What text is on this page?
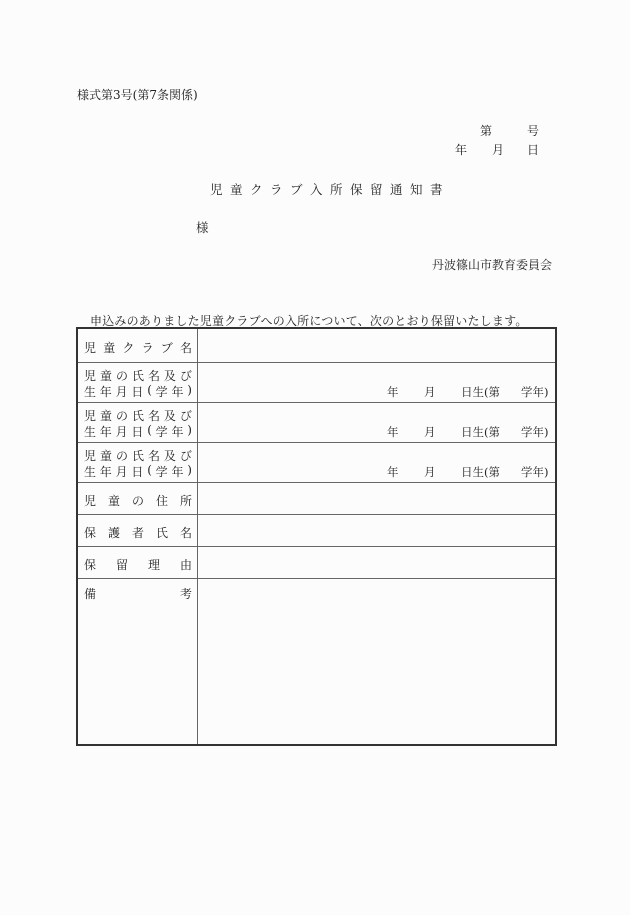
様式第3号(第7条関係)
第	号
年 月 日
児童クラブ入所保留通知書
様
丹波篠山市教育委員会
申込みのありました児童クラブへの入所について、次のとおり保留いたします。
児 童 ク ラ ブ 名
児 童 の 氏 名 及 び
生 年 月 日 ( 学 年 )	年 月 日生(第 学年)
児 童 の 氏 名 及 び
生 年 月 日 ( 学 年 )	年 月 日生(第 学年)
児 童 の 氏 名 及 び
生 年 月 日 ( 学 年 )	年 月 日生(第 学年)
児 童 の 住 所
保 護 者 氏 名
保 留 理 由
備	考
